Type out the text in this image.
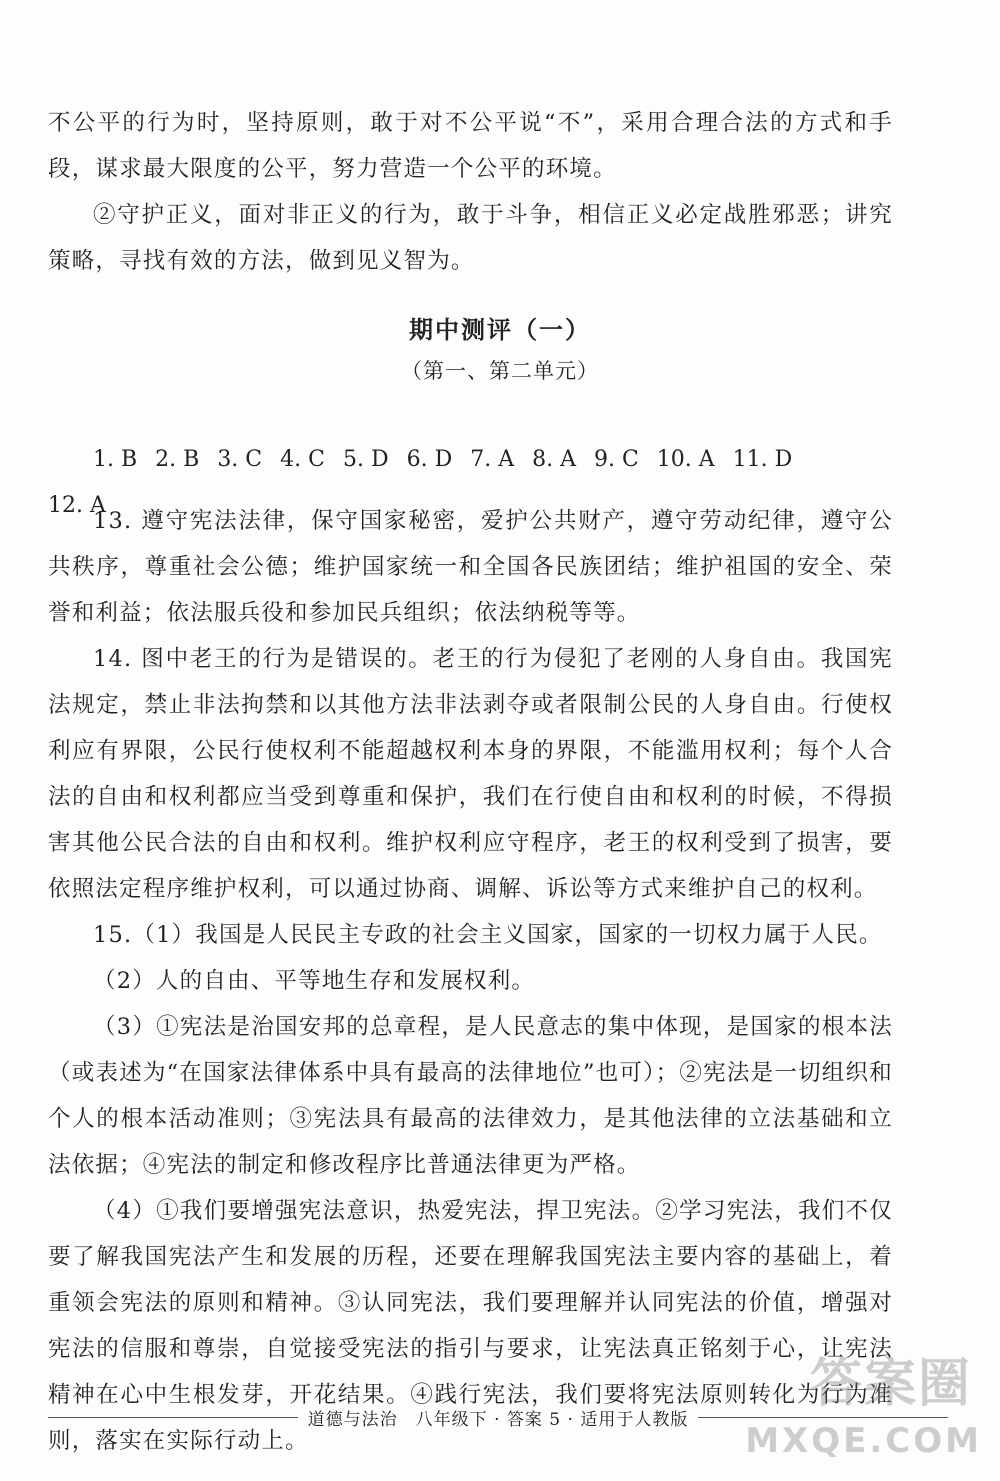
不公平的行为时，坚持原则，敢于对不公平说“不”，采用合理合法的方式和手段，谋求最大限度的公平，努力营造一个公平的环境。

②守护正义，面对非正义的行为，敢于斗争，相信正义必定战胜邪恶；讲究策略，寻找有效的方法，做到见义智为。

期中测评（一）
（第一、第二单元）
1. B 2. B 3. C 4. C 5. D 6. D 7. A 8. A 9. C 10. A 11. D
12. A

13. 遵守宪法法律，保守国家秘密，爱护公共财产，遵守劳动纪律，遵守公共秩序，尊重社会公德；维护国家统一和全国各民族团结；维护祖国的安全、荣誉和利益；依法服兵役和参加民兵组织；依法纳税等等。

14. 图中老王的行为是错误的。老王的行为侵犯了老刚的人身自由。我国宪法规定，禁止非法拘禁和以其他方法非法剥夺或者限制公民的人身自由。行使权利应有界限，公民行使权利不能超越权利本身的界限，不能滥用权利；每个人合法的自由和权利都应当受到尊重和保护，我们在行使自由和权利的时候，不得损害其他公民合法的自由和权利。维护权利应守程序，老王的权利受到了损害，要依照法定程序维护权利，可以通过协商、调解、诉讼等方式来维护自己的权利。

15.（1）我国是人民民主专政的社会主义国家，国家的一切权力属于人民。

（2）人的自由、平等地生存和发展权利。

（3）①宪法是治国安邦的总章程，是人民意志的集中体现，是国家的根本法（或表述为“在国家法律体系中具有最高的法律地位”也可）；②宪法是一切组织和个人的根本活动准则；③宪法具有最高的法律效力，是其他法律的立法基础和立法依据；④宪法的制定和修改程序比普通法律更为严格。

（4）①我们要增强宪法意识，热爱宪法，捍卫宪法。②学习宪法，我们不仅要了解我国宪法产生和发展的历程，还要在理解我国宪法主要内容的基础上，着重领会宪法的原则和精神。③认同宪法，我们要理解并认同宪法的价值，增强对宪法的信服和尊崇，自觉接受宪法的指引与要求，让宪法真正铭刻于心，让宪法精神在心中生根发芽，开花结果。④践行宪法，我们要将宪法原则转化为行为准则，落实在实际行动上。

道德与法治　八年级下 · 答案 5 · 适用于人教版
答案圈
MXQE.COM
